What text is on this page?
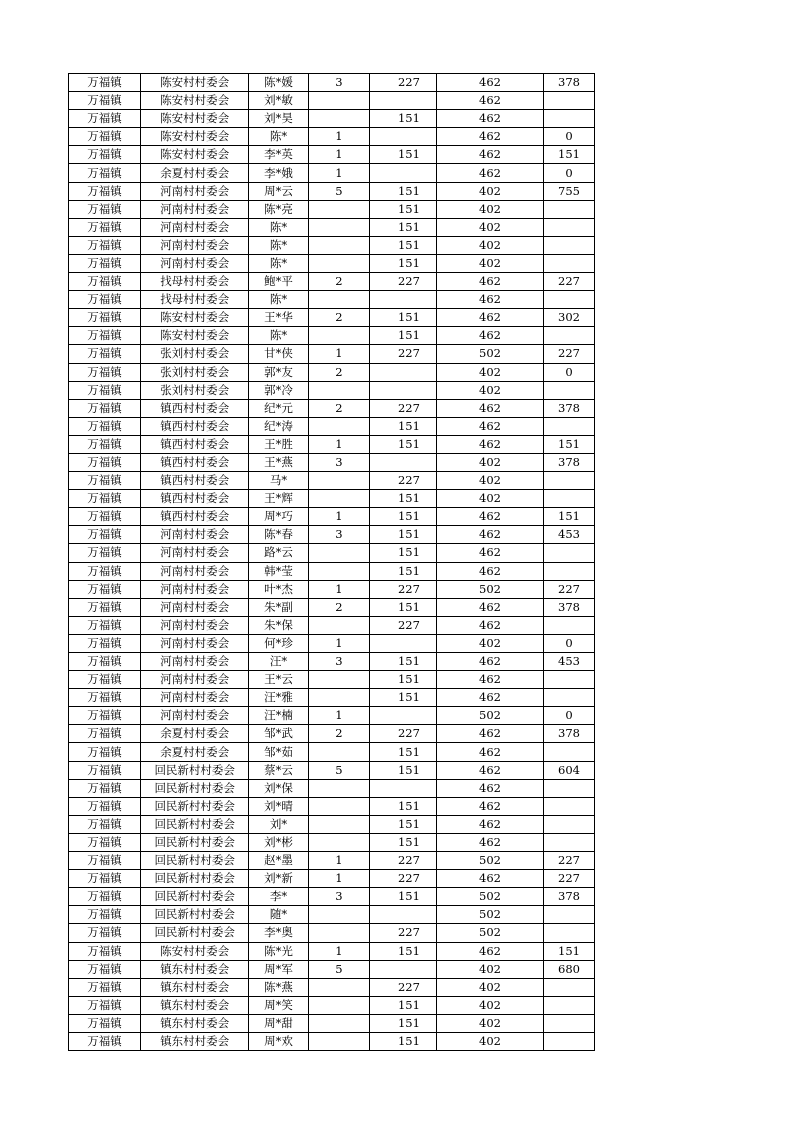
万福镇	陈安村村委会	陈*媛	3	227	462	378
万福镇	陈安村村委会	刘*敏			462	
万福镇	陈安村村委会	刘*昊		151	462	
万福镇	陈安村村委会	陈*	1		462	0
万福镇	陈安村村委会	李*英	1	151	462	151
万福镇	余夏村村委会	李*娥	1		462	0
万福镇	河南村村委会	周*云	5	151	402	755
万福镇	河南村村委会	陈*亮		151	402	
万福镇	河南村村委会	陈*		151	402	
万福镇	河南村村委会	陈*		151	402	
万福镇	河南村村委会	陈*		151	402	
万福镇	找母村村委会	鲍*平	2	227	462	227
万福镇	找母村村委会	陈*			462	
万福镇	陈安村村委会	王*华	2	151	462	302
万福镇	陈安村村委会	陈*		151	462	
万福镇	张刘村村委会	甘*侠	1	227	502	227
万福镇	张刘村村委会	郭*友	2		402	0
万福镇	张刘村村委会	郭*冷			402	
万福镇	镇西村村委会	纪*元	2	227	462	378
万福镇	镇西村村委会	纪*涛		151	462	
万福镇	镇西村村委会	王*胜	1	151	462	151
万福镇	镇西村村委会	王*燕	3		402	378
万福镇	镇西村村委会	马*		227	402	
万福镇	镇西村村委会	王*辉		151	402	
万福镇	镇西村村委会	周*巧	1	151	462	151
万福镇	河南村村委会	陈*春	3	151	462	453
万福镇	河南村村委会	路*云		151	462	
万福镇	河南村村委会	韩*莹		151	462	
万福镇	河南村村委会	叶*杰	1	227	502	227
万福镇	河南村村委会	朱*副	2	151	462	378
万福镇	河南村村委会	朱*保		227	462	
万福镇	河南村村委会	何*珍	1		402	0
万福镇	河南村村委会	汪*	3	151	462	453
万福镇	河南村村委会	王*云		151	462	
万福镇	河南村村委会	汪*雅		151	462	
万福镇	河南村村委会	汪*楠	1		502	0
万福镇	余夏村村委会	邹*武	2	227	462	378
万福镇	余夏村村委会	邹*茹		151	462	
万福镇	回民新村村委会	蔡*云	5	151	462	604
万福镇	回民新村村委会	刘*保			462	
万福镇	回民新村村委会	刘*晴		151	462	
万福镇	回民新村村委会	刘*		151	462	
万福镇	回民新村村委会	刘*彬		151	462	
万福镇	回民新村村委会	赵*墨	1	227	502	227
万福镇	回民新村村委会	刘*新	1	227	462	227
万福镇	回民新村村委会	李*	3	151	502	378
万福镇	回民新村村委会	随*			502	
万福镇	回民新村村委会	李*奥		227	502	
万福镇	陈安村村委会	陈*光	1	151	462	151
万福镇	镇东村村委会	周*军	5		402	680
万福镇	镇东村村委会	陈*燕		227	402	
万福镇	镇东村村委会	周*笑		151	402	
万福镇	镇东村村委会	周*甜		151	402	
万福镇	镇东村村委会	周*欢		151	402	
